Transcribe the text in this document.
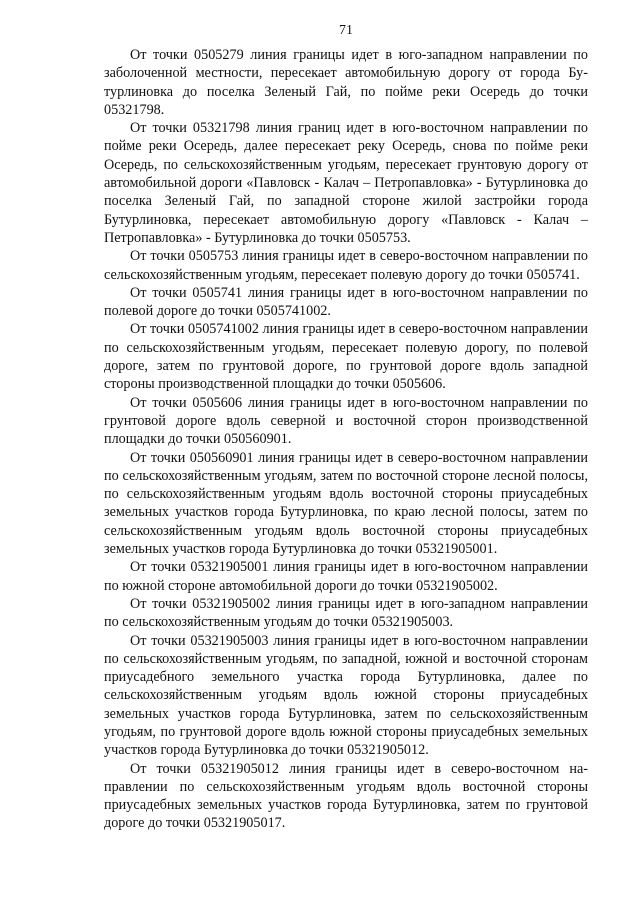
71

От точки 0505279 линия границы идет в юго-западном направлении по заболоченной местности, пересекает автомобильную дорогу от города Бутурлиновка до поселка Зеленый Гай, по пойме реки Осередь до точки 05321798.

От точки 05321798 линия границ идет в юго-восточном направлении по пойме реки Осередь, далее пересекает реку Осередь, снова по пойме реки Осередь, по сельскохозяйственным угодьям, пересекает грунтовую дорогу от автомобильной дороги «Павловск - Калач – Петропавловка» - Бутурлиновка до поселка Зеленый Гай, по западной стороне жилой застройки города Бутурлиновка, пересекает автомобильную дорогу «Павловск - Калач – Петропавловка» - Бутурлиновка до точки 0505753.

От точки 0505753 линия границы идет в северо-восточном направлении по сельскохозяйственным угодьям, пересекает полевую дорогу до точки 0505741.

От точки 0505741 линия границы идет в юго-восточном направлении по полевой дороге до точки 0505741002.

От точки 0505741002 линия границы идет в северо-восточном направлении по сельскохозяйственным угодьям, пересекает полевую дорогу, по полевой дороге, затем по грунтовой дороге, по грунтовой дороге вдоль западной стороны производственной площадки до точки 0505606.

От точки 0505606 линия границы идет в юго-восточном направлении по грунтовой дороге вдоль северной и восточной сторон производственной площадки до точки 050560901.

От точки 050560901 линия границы идет в северо-восточном направлении по сельскохозяйственным угодьям, затем по восточной стороне лесной полосы, по сельскохозяйственным угодьям вдоль восточной стороны приусадебных земельных участков города Бутурлиновка, по краю лесной полосы, затем по сельскохозяйственным угодьям вдоль восточной стороны приусадебных земельных участков города Бутурлиновка до точки 05321905001.

От точки 05321905001 линия границы идет в юго-восточном направлении по южной стороне автомобильной дороги до точки 05321905002.

От точки 05321905002 линия границы идет в юго-западном направлении по сельскохозяйственным угодьям до точки 05321905003.

От точки 05321905003 линия границы идет в юго-восточном направлении по сельскохозяйственным угодьям, по западной, южной и восточной сторонам приусадебного земельного участка города Бутурлиновка, далее по сельскохозяйственным угодьям вдоль южной стороны приусадебных земельных участков города Бутурлиновка, затем по сельскохозяйственным угодьям, по грунтовой дороге вдоль южной стороны приусадебных земельных участков города Бутурлиновка до точки 05321905012.

От точки 05321905012 линия границы идет в северо-восточном направлении по сельскохозяйственным угодьям вдоль восточной стороны приусадебных земельных участков города Бутурлиновка, затем по грунтовой дороге до точки 05321905017.
